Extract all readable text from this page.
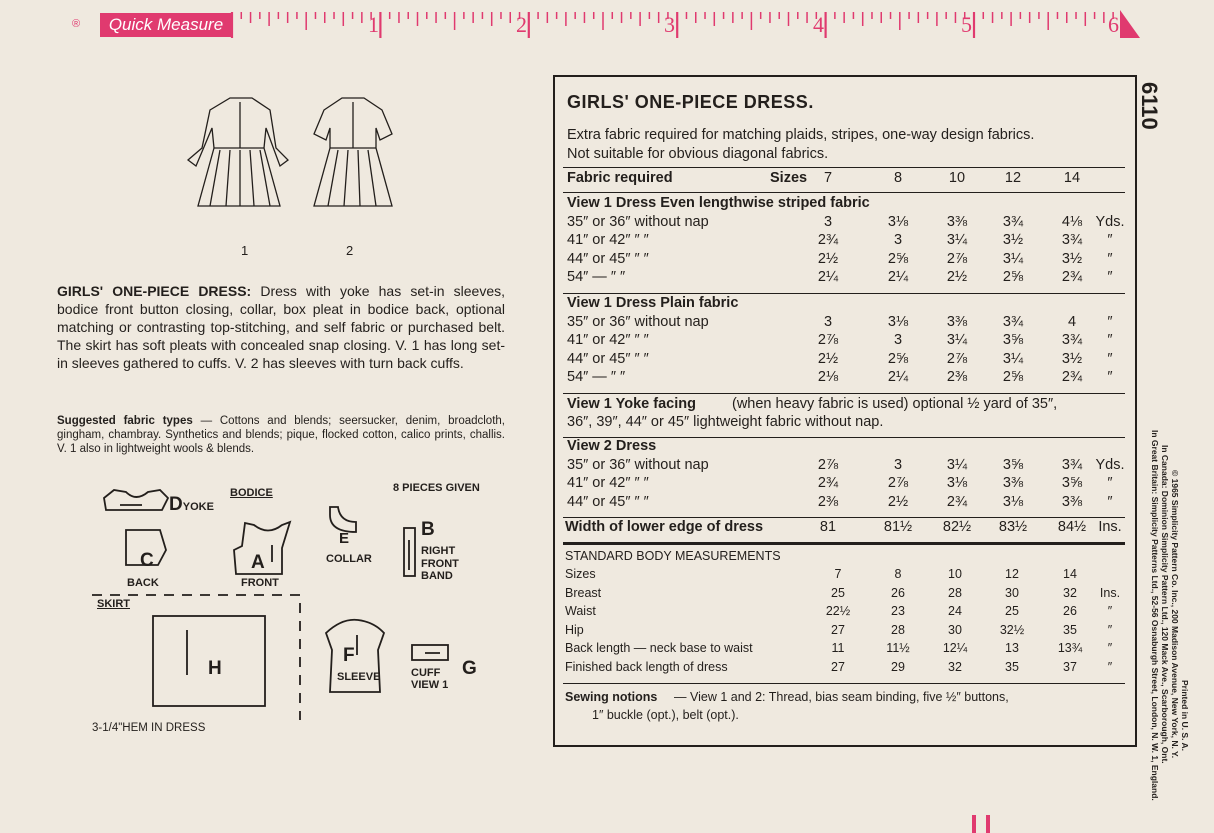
®	Quick Measure	1	2	3	4	5	6
1	2
GIRLS' ONE-PIECE DRESS: Dress with yoke has set-in sleeves, bodice front button closing, collar, box pleat in bodice back, optional matching or contrasting top-stitching, and self fabric or purchased belt. The skirt has soft pleats with concealed snap closing. V. 1 has long set-in sleeves gathered to cuffs. V. 2 has sleeves with turn back cuffs.
Suggested fabric types — Cottons and blends; seersucker, denim, broadcloth, gingham, chambray. Synthetics and blends; pique, flocked cotton, calico prints, challis. V. 1 also in lightweight wools & blends.
BODICE	8 PIECES GIVEN
SKIRT
3-1/4"HEM IN DRESS
DYOKE
C
BACK
A
FRONT
E
COLLAR
B
RIGHT FRONT BAND
H
F
SLEEVE	G
CUFF VIEW 1
6110
GIRLS' ONE-PIECE DRESS.
Extra fabric required for matching plaids, stripes, one-way design fabrics.
Not suitable for obvious diagonal fabrics.
Fabric required	Sizes 7	8	10	12	14
View 1 Dress Even lengthwise striped fabric
35″ or 36″ without nap	3	3⅛	3⅜ 3¾	4⅛ Yds.
41″ or 42″ ″ ″	2¾	3	3¼ 3½	3¾ ″
44″ or 45″ ″ ″	2½	2⅝	2⅞ 3¼	3½ ″
54″ — ″ ″	2¼	2¼	2½ 2⅝	2¾ ″
View 1 Dress Plain fabric
35″ or 36″ without nap	3	3⅛	3⅜ 3¾	4 ″
41″ or 42″ ″ ″	2⅞	3	3¼ 3⅝	3¾ ″
44″ or 45″ ″ ″	2½	2⅝	2⅞ 3¼	3½ ″
54″ — ″ ″	2⅛	2¼	2⅜ 2⅝	2¾ ″
View 2 Dress
35″ or 36″ without nap	2⅞	3	3¼ 3⅝	3¾ Yds.
41″ or 42″ ″ ″	2¾	2⅞	3⅛ 3⅜	3⅝ ″
44″ or 45″ ″ ″	2⅜	2½	2¾ 3⅛	3⅜ ″
View 1 Yoke facing (when heavy fabric is used) optional ½ yard of 35″,
36″, 39″, 44″ or 45″ lightweight fabric without nap.
Width of lower edge of dress	81	81½ 82½ 83½ 84½ Ins.
STANDARD BODY MEASUREMENTS
Sizes	7	8	10	12	14
Breast	25	26	28	30	32 Ins.
Waist	22½	23	24	25	26 ″
Hip	27	28	30	32½	35 ″
Back length — neck base to waist	11	11½	12¼	13	13¾ ″
Finished back length of dress	27	29	32	35	37 ″
Sewing notions — View 1 and 2: Thread, bias seam binding, five ½″ buttons,
1″ buckle (opt.), belt (opt.).	Printed in U. S. A.
© 1965 Simplicity Pattern Co. Inc., 200 Madison Avenue, New York, N. Y.
In Canada: Dominion Simplicity Pattern Ltd., 120 Mack Ave., Scarborough, Ont.
In Great Britain: Simplicity Patterns Ltd., 52-56 Osnaburgh Street, London, N. W. 1, England.
